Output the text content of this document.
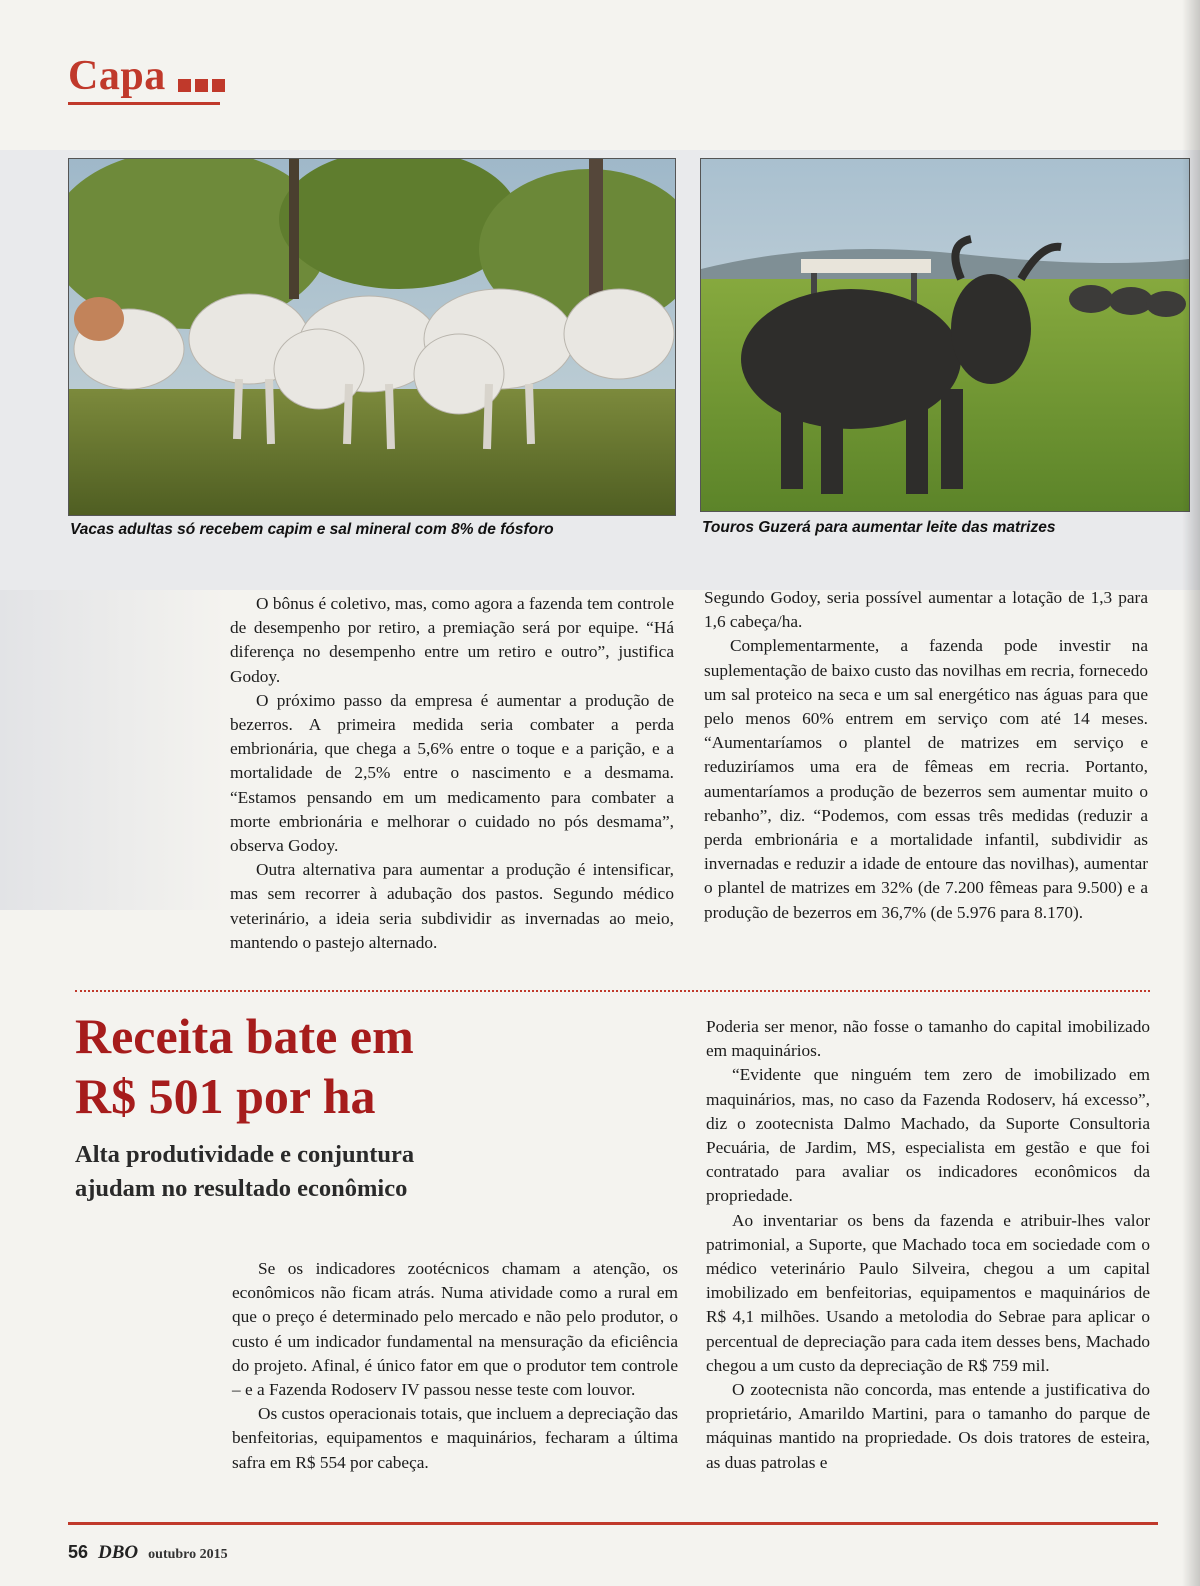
Capa
Vacas adultas só recebem capim e sal mineral com 8% de fósforo	Touros Guzerá para aumentar leite das matrizes

O bônus é coletivo, mas, como agora a fazenda tem controle de desempenho por retiro, a premiação será por equipe. “Há diferença no desempenho entre um retiro e outro”, justifica Godoy.

O próximo passo da empresa é aumentar a produção de bezerros. A primeira medida seria combater a perda embrionária, que chega a 5,6% entre o toque e a parição, e a mortalidade de 2,5% entre o nascimento e a desmama. “Estamos pensando em um medicamento para combater a morte embrionária e melhorar o cuidado no pós desmama”, observa Godoy.

Outra alternativa para aumentar a produção é intensificar, mas sem recorrer à adubação dos pastos. Segundo médico veterinário, a ideia seria subdividir as invernadas ao meio, mantendo o pastejo alternado.

Segundo Godoy, seria possível aumentar a lotação de 1,3 para 1,6 cabeça/ha.

Complementarmente, a fazenda pode investir na suplementação de baixo custo das novilhas em recria, fornecedo um sal proteico na seca e um sal energético nas águas para que pelo menos 60% entrem em serviço com até 14 meses. “Aumentaríamos o plantel de matrizes em serviço e reduziríamos uma era de fêmeas em recria. Portanto, aumentaríamos a produção de bezerros sem aumentar muito o rebanho”, diz. “Podemos, com essas três medidas (reduzir a perda embrionária e a mortalidade infantil, subdividir as invernadas e reduzir a idade de entoure das novilhas), aumentar o plantel de matrizes em 32% (de 7.200 fêmeas para 9.500) e a produção de bezerros em 36,7% (de 5.976 para 8.170).

Receita bate em
R$ 501 por ha
Alta produtividade e conjuntura
ajudam no resultado econômico

Se os indicadores zootécnicos chamam a atenção, os econômicos não ficam atrás. Numa atividade como a rural em que o preço é determinado pelo mercado e não pelo produtor, o custo é um indicador fundamental na mensuração da eficiência do projeto. Afinal, é único fator em que o produtor tem controle – e a Fazenda Rodoserv IV passou nesse teste com louvor.

Os custos operacionais totais, que incluem a depreciação das benfeitorias, equipamentos e maquinários, fecharam a última safra em R$ 554 por cabeça.

Poderia ser menor, não fosse o tamanho do capital imobilizado em maquinários.

“Evidente que ninguém tem zero de imobilizado em maquinários, mas, no caso da Fazenda Rodoserv, há excesso”, diz o zootecnista Dalmo Machado, da Suporte Consultoria Pecuária, de Jardim, MS, especialista em gestão e que foi contratado para avaliar os indicadores econômicos da propriedade.

Ao inventariar os bens da fazenda e atribuir-lhes valor patrimonial, a Suporte, que Machado toca em sociedade com o médico veterinário Paulo Silveira, chegou a um capital imobilizado em benfeitorias, equipamentos e maquinários de R$ 4,1 milhões. Usando a metolodia do Sebrae para aplicar o percentual de depreciação para cada item desses bens, Machado chegou a um custo da depreciação de R$ 759 mil.

O zootecnista não concorda, mas entende a justificativa do proprietário, Amarildo Martini, para o tamanho do parque de máquinas mantido na propriedade. Os dois tratores de esteira, as duas patrolas e

56 DBO outubro 2015
